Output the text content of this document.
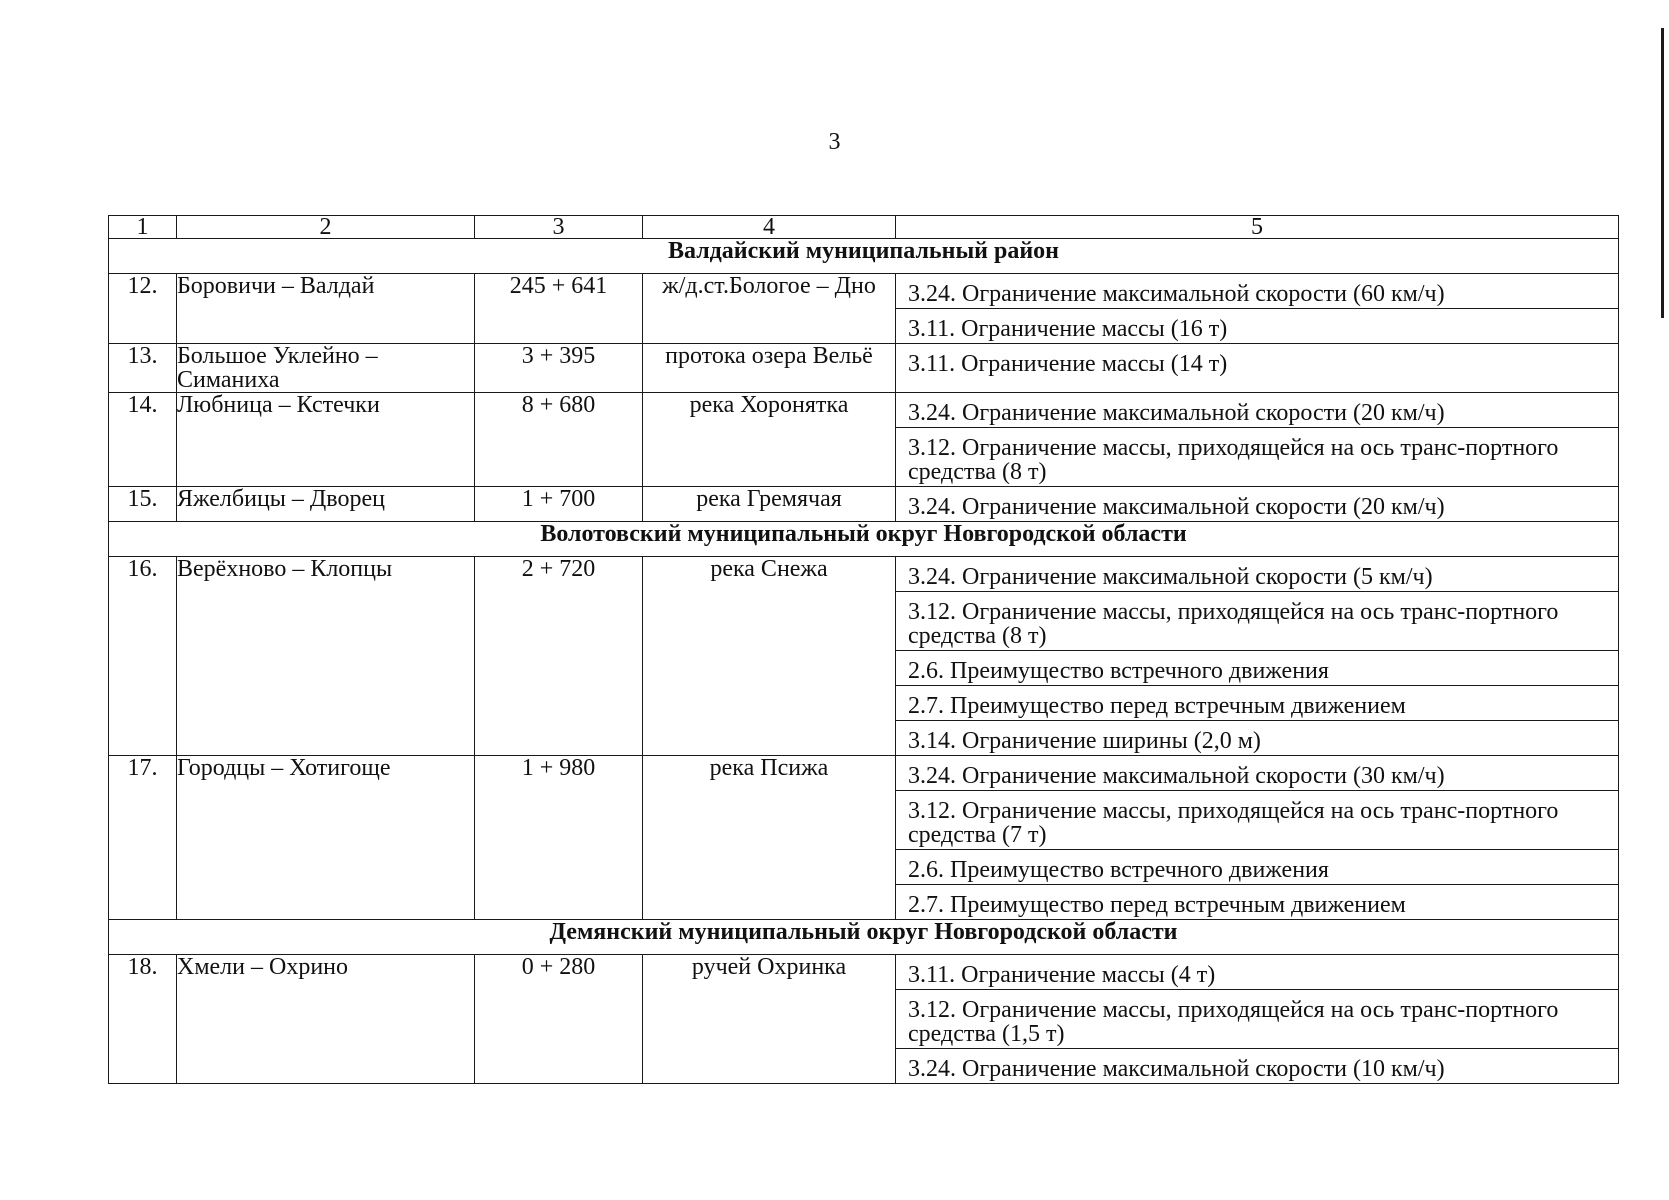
3
1	2	3	4	5
Валдайский муниципальный район				
12.	Боровичи – Валдай	245 + 641	ж/д.ст.Бологое – Дно	3.24. Ограничение максимальной скорости (60 км/ч)
3.11. Ограничение массы (16 т)

13.	Большое Уклейно – Симаниха	3 + 395	протока озера Вельё	3.11. Ограничение массы (14 т)

14.	Любница – Кстечки	8 + 680	река Хоронятка	3.24. Ограничение максимальной скорости (20 км/ч)
3.12. Ограничение массы, приходящейся на ось транс-портного средства (8 т)

15.	Яжелбицы – Дворец	1 + 700	река Гремячая	3.24. Ограничение максимальной скорости (20 км/ч)

Волотовский муниципальный округ Новгородской области				
16.	Верёхново – Клопцы	2 + 720	река Снежа	3.24. Ограничение максимальной скорости (5 км/ч)
3.12. Ограничение массы, приходящейся на ось транс-портного средства (8 т)
2.6. Преимущество встречного движения
2.7. Преимущество перед встречным движением
3.14. Ограничение ширины (2,0 м)

17.	Городцы – Хотигоще	1 + 980	река Псижа	3.24. Ограничение максимальной скорости (30 км/ч)
3.12. Ограничение массы, приходящейся на ось транс-портного средства (7 т)
2.6. Преимущество встречного движения
2.7. Преимущество перед встречным движением

Демянский муниципальный округ Новгородской области				
18.	Хмели – Охрино	0 + 280	ручей Охринка	3.11. Ограничение массы (4 т)
3.12. Ограничение массы, приходящейся на ось транс-портного средства (1,5 т)
3.24. Ограничение максимальной скорости (10 км/ч)
